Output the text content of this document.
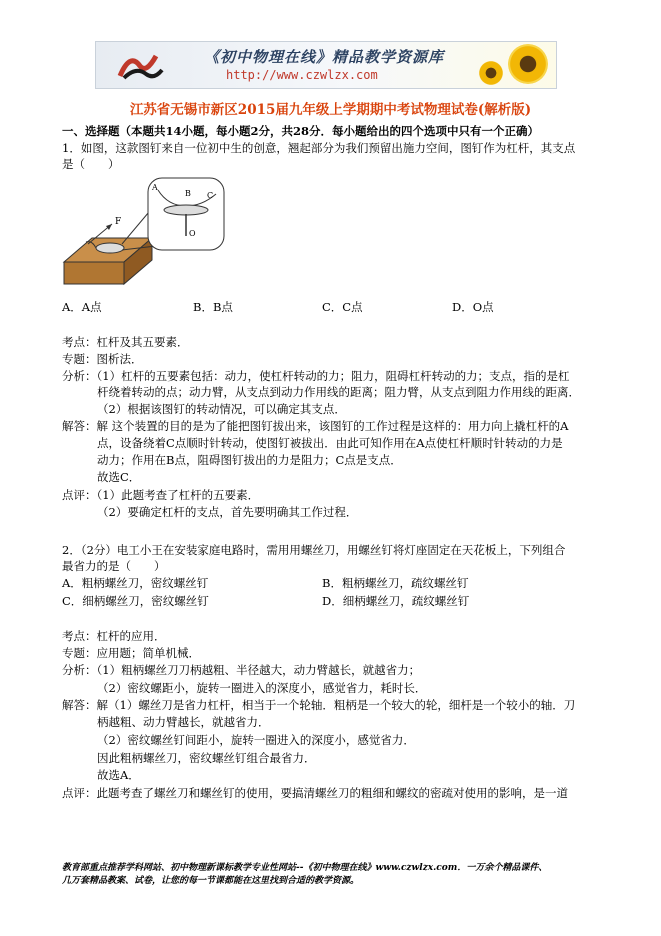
《初中物理在线》精品教学资源库
http://www.czwlzx.com
江苏省无锡市新区2015届九年级上学期期中考试物理试卷(解析版)
一、选择题（本题共14小题，每小题2分，共28分．每小题给出的四个选项中只有一个正确）
1．如图，这款图钉来自一位初中生的创意，翘起部分为我们预留出施力空间，图钉作为杠杆，其支点
是（　　）
F
A
B C
O
A．A点	B．B点	C．C点	D．O点
考点：杠杆及其五要素．
专题：图析法．
分析：（1）杠杆的五要素包括：动力，使杠杆转动的力；阻力，阻碍杠杆转动的力；支点，指的是杠
杆绕着转动的点；动力臂，从支点到动力作用线的距离；阻力臂，从支点到阻力作用线的距离．
（2）根据该图钉的转动情况，可以确定其支点．
解答：解 这个装置的目的是为了能把图钉拔出来，该图钉的工作过程是这样的：用力向上撬杠杆的A
点，设备绕着C点顺时针转动，使图钉被拔出．由此可知作用在A点使杠杆顺时针转动的力是
动力；作用在B点，阻碍图钉拔出的力是阻力；C点是支点．
故选C．
点评：（1）此题考查了杠杆的五要素．
（2）要确定杠杆的支点，首先要明确其工作过程．
2．（2分）电工小王在安装家庭电路时，需用用螺丝刀，用螺丝钉将灯座固定在天花板上，下列组合
最省力的是（　　）
A．粗柄螺丝刀，密纹螺丝钉	B．粗柄螺丝刀，疏纹螺丝钉
C．细柄螺丝刀，密纹螺丝钉	D．细柄螺丝刀，疏纹螺丝钉
考点：杠杆的应用．
专题：应用题；简单机械．
分析：（1）粗柄螺丝刀刀柄越粗、半径越大，动力臂越长，就越省力；
（2）密纹螺距小，旋转一圈进入的深度小，感觉省力，耗时长．
解答：解（1）螺丝刀是省力杠杆，相当于一个轮轴．粗柄是一个较大的轮，细杆是一个较小的轴．刀
柄越粗、动力臂越长，就越省力．
（2）密纹螺丝钉间距小，旋转一圈进入的深度小，感觉省力．
因此粗柄螺丝刀，密纹螺丝钉组合最省力．
故选A．
点评：此题考查了螺丝刀和螺丝钉的使用，要搞清螺丝刀的粗细和螺纹的密疏对使用的影响，是一道
教育部重点推荐学科网站、初中物理新课标教学专业性网站--《初中物理在线》www.czwlzx.com．一万余个精品课件、
几万套精品教案、试卷，让您的每一节课都能在这里找到合适的教学资源。
